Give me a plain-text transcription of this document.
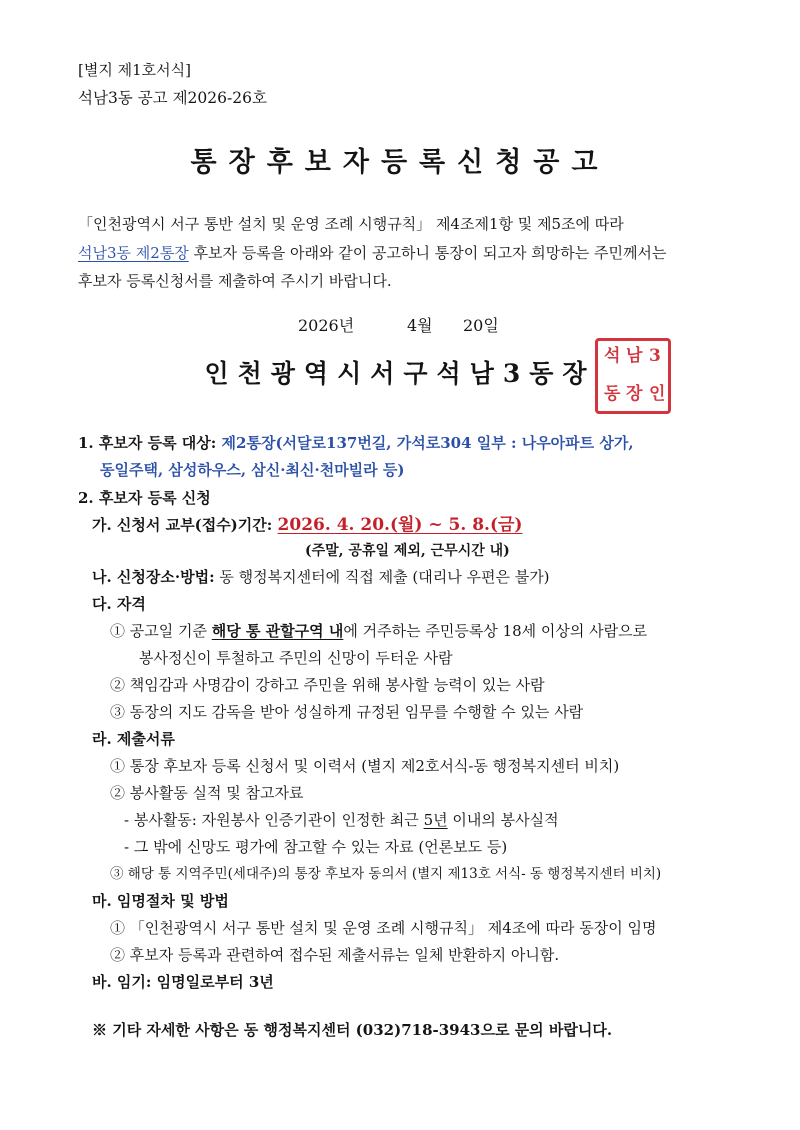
[별지 제1호서식]
석남3동 공고 제2026-26호
통장후보자등록신청공고
「인천광역시 서구 통반 설치 및 운영 조례 시행규칙」 제4조제1항 및 제5조에 따라
석남3동 제2통장 후보자 등록을 아래와 같이 공고하니 통장이 되고자 희망하는 주민께서는
후보자 등록신청서를 제출하여 주시기 바랍니다.
2026년	4월 20일
인천광역시서구석남3동장
석 남 3
동 장 인
1. 후보자 등록 대상: 제2통장(서달로137번길, 가석로304 일부 : 나우아파트 상가,
동일주택, 삼성하우스, 삼신·최신·천마빌라 등)
2. 후보자 등록 신청
가. 신청서 교부(접수)기간: 2026. 4. 20.(월) ~ 5. 8.(금)
(주말, 공휴일 제외, 근무시간 내)
나. 신청장소·방법: 동 행정복지센터에 직접 제출 (대리나 우편은 불가)
다. 자격
① 공고일 기준 해당 통 관할구역 내에 거주하는 주민등록상 18세 이상의 사람으로
봉사정신이 투철하고 주민의 신망이 두터운 사람
② 책임감과 사명감이 강하고 주민을 위해 봉사할 능력이 있는 사람
③ 동장의 지도 감독을 받아 성실하게 규정된 임무를 수행할 수 있는 사람
라. 제출서류
① 통장 후보자 등록 신청서 및 이력서 (별지 제2호서식-동 행정복지센터 비치)
② 봉사활동 실적 및 참고자료
- 봉사활동: 자원봉사 인증기관이 인정한 최근 5년 이내의 봉사실적
- 그 밖에 신망도 평가에 참고할 수 있는 자료 (언론보도 등)
③ 해당 통 지역주민(세대주)의 통장 후보자 동의서 (별지 제13호 서식- 동 행정복지센터 비치)
마. 임명절차 및 방법
① 「인천광역시 서구 통반 설치 및 운영 조례 시행규칙」 제4조에 따라 동장이 임명
② 후보자 등록과 관련하여 접수된 제출서류는 일체 반환하지 아니함.
바. 임기: 임명일로부터 3년
※ 기타 자세한 사항은 동 행정복지센터 (032)718-3943으로 문의 바랍니다.
